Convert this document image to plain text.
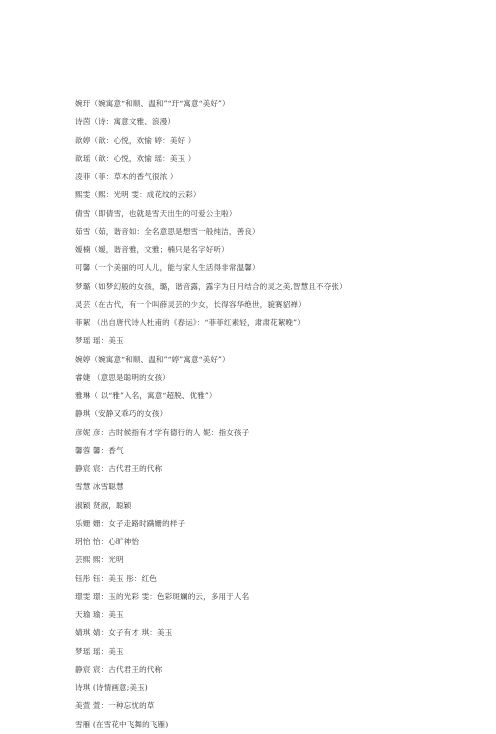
婉玗（婉寓意“和顺、温和”“玗“寓意“美好”）
诗茵（诗：寓意文雅、浪漫）
歆婷（歆：心悦，欢愉 婷：美好 ）
歆瑶（歆：心悦，欢愉 瑶：美玉 ）
凌菲（菲：草木的香气很浓 ）
熙雯（熙：光明 雯：成花纹的云彩）
倩雪（即倩雪，也就是雪天出生的可爱公主啦）
茹雪（茹，谐音如：全名意思是想雪一般纯洁，善良）
嫒楠（嫒，谐音雅，文雅；楠只是名字好听）
可馨（一个美丽的可人儿，能与家人生活得非常温馨）
梦璐（如梦幻般的女孩，璐，谐音露，露字为日月结合的灵之美,智慧且不夺张）
灵芸（在古代，有一个叫薛灵芸的少女，长得容华绝世，貌赛貂禅）
菲絮 （出自唐代诗人杜甫的《春运》：“菲菲红素轻，肃肃花絮晚”）
梦瑶 瑶：美玉
婉婷（婉寓意“和顺、温和”“婷”寓意“美好”）
睿婕 （意思是聪明的女孩）
雅琳（ 以“雅”入名，寓意“超脱、优雅”）
静琪（安静又乖巧的女孩）
彦妮 彦：古时候指有才学有德行的人 妮：指女孩子
馨蓉 馨：香气
静宸 宸：古代君王的代称
雪慧 冰雪聪慧
淑颖 贤淑，聪颖
乐姗 姗：女子走路时蹒姗的样子
玥怡 怡：心旷神怡
芸熙 熙：光明
钰彤 钰：美玉 彤：红色
璟雯 璟：玉的光彩 雯：色彩斑斓的云，多用于人名
天瑜 瑜：美玉
婧琪 婧：女子有才 琪：美玉
梦瑶 瑶：美玉
静宸 宸：古代君王的代称
诗琪 (诗情画意;美玉)
美萱 萱：一种忘忧的草
雪雁 (在雪花中飞舞的飞雁)
